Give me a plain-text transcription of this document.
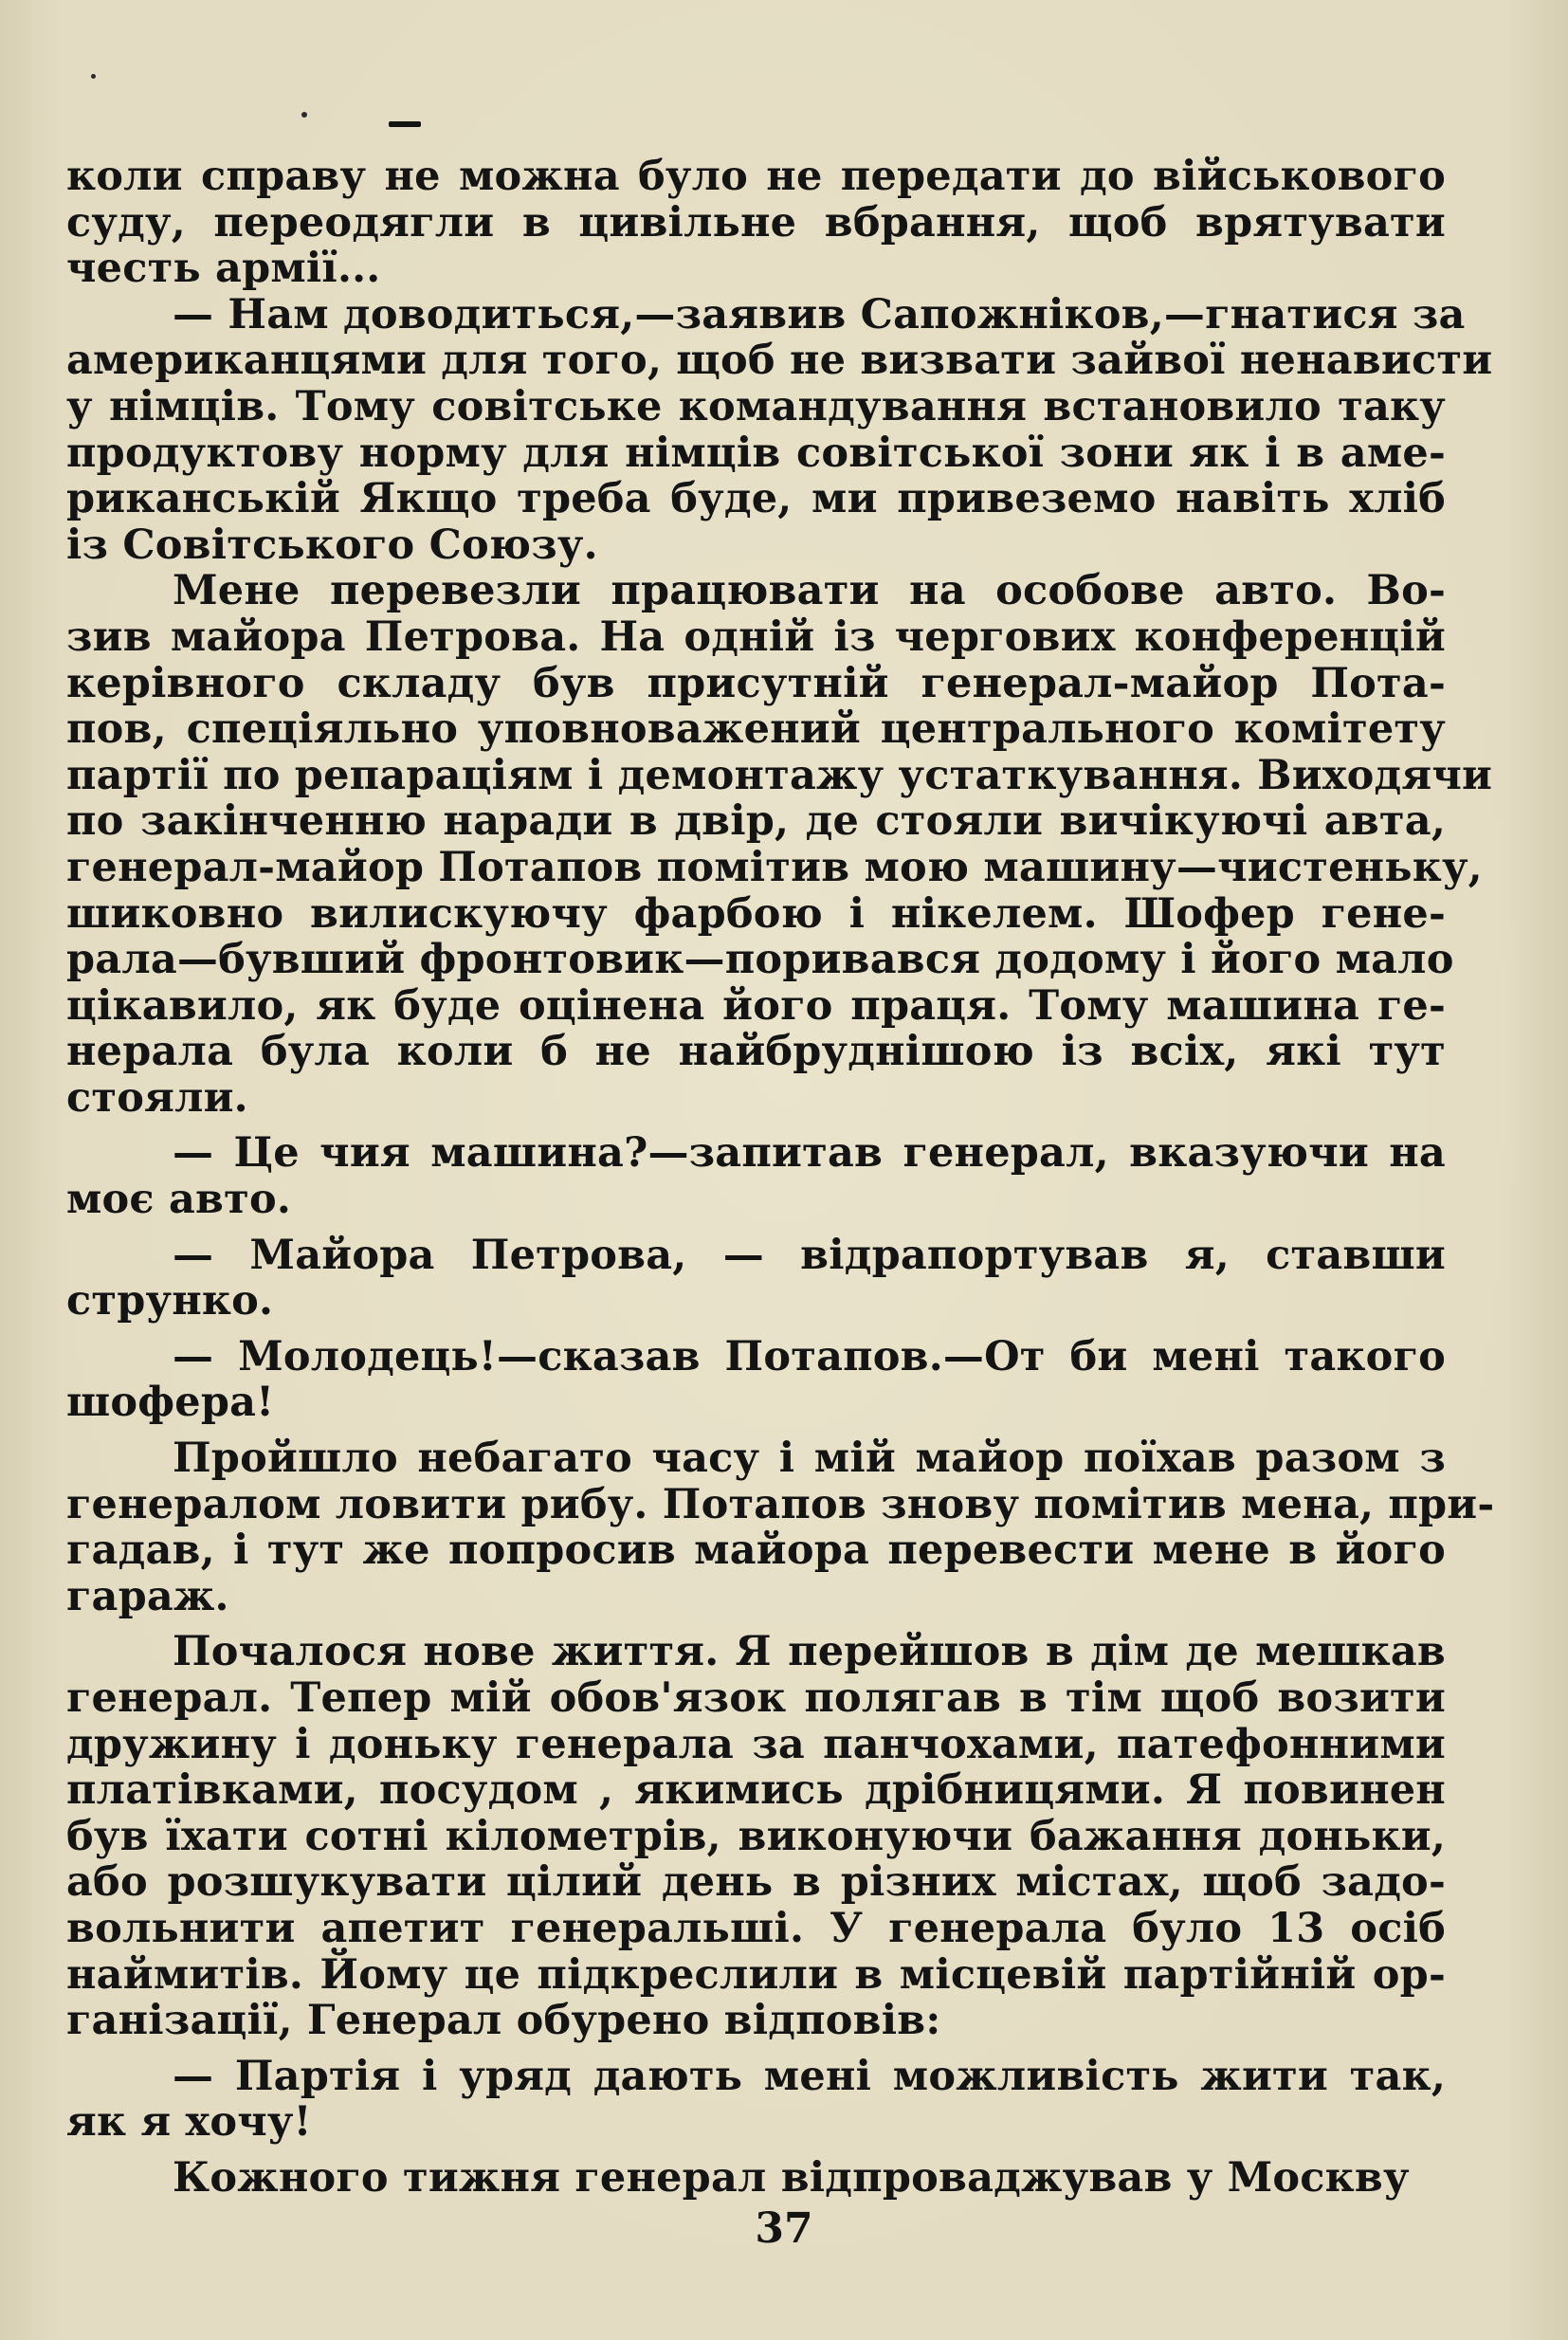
коли справу не можна було не передати до військового
суду, переодягли в цивільне вбрання, щоб врятувати
честь армії...
— Нам доводиться,—заявив Сапожніков,—гнатися за
американцями для того, щоб не визвати зайвої ненависти
у німців. Тому совітське командування встановило таку
продуктову норму для німців совітської зони як і в аме-
риканській Якщо треба буде, ми привеземо навіть хліб
із Совітського Союзу.
Мене перевезли працювати на особове авто. Во-
зив майора Петрова. На одній із чергових конференцій
керівного складу був присутній генерал-майор Пота-
пов, спеціяльно уповноважений центрального комітету
партії по репараціям і демонтажу устаткування. Виходячи
по закінченню наради в двір, де стояли вичікуючі авта,
генерал-майор Потапов помітив мою машину—чистеньку,
шиковно вилискуючу фарбою і нікелем. Шофер гене-
рала—бувший фронтовик—поривався додому і його мало
цікавило, як буде оцінена його праця. Тому машина ге-
нерала була коли б не найбруднішою із всіх, які тут
стояли.
— Це чия машина?—запитав генерал, вказуючи на
моє авто.
— Майора Петрова, — відрапортував я, ставши
струнко.
— Молодець!—сказав Потапов.—От би мені такого
шофера!
Пройшло небагато часу і мій майор поїхав разом з
генералом ловити рибу. Потапов знову помітив мена, при-
гадав, і тут же попросив майора перевести мене в його
гараж.
Почалося нове життя. Я перейшов в дім де мешкав
генерал. Тепер мій обов'язок полягав в тім щоб возити
дружину і доньку генерала за панчохами, патефонними
платівками, посудом , якимись дрібницями. Я повинен
був їхати сотні кілометрів, виконуючи бажання доньки,
або розшукувати цілий день в різних містах, щоб задо-
вольнити апетит генеральші. У генерала було 13 осіб
наймитів. Йому це підкреслили в місцевій партійній ор-
ганізації, Генерал обурено відповів:
— Партія і уряд дають мені можливість жити так,
як я хочу!
Кожного тижня генерал відпроваджував у Москву
37
